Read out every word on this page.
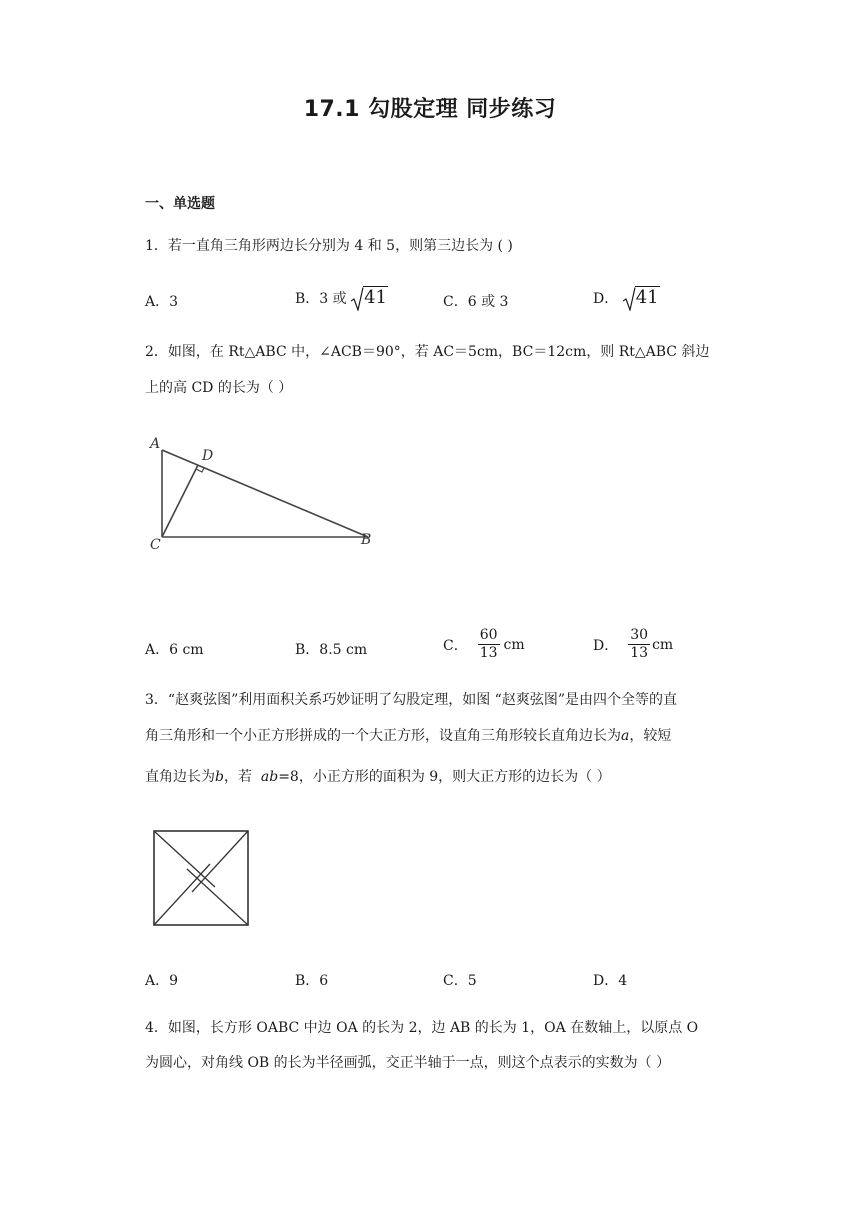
17.1 勾股定理 同步练习
一、单选题
1．若一直角三角形两边长分别为 4 和 5，则第三边长为 ( )
A．3	B．3 或 41	C．6 或 3	D． 41
2．如图，在 Rt△ABC 中，∠ACB＝90°，若 AC＝5cm，BC＝12cm，则 Rt△ABC 斜边
上的高 CD 的长为（ ）
A
D
C	B
A．6 cm	B．8.5 cm	C． $\frac{60}{13}$ cm	D． $\frac{30}{13}$ cm
3．“赵爽弦图”利用面积关系巧妙证明了勾股定理，如图 “赵爽弦图”是由四个全等的直
角三角形和一个小正方形拼成的一个大正方形，设直角三角形较长直角边长为a，较短
直角边长为b，若 ab=8，小正方形的面积为 9，则大正方形的边长为（ ）
A．9	B．6	C．5	D．4
4．如图，长方形 OABC 中边 OA 的长为 2，边 AB 的长为 1，OA 在数轴上，以原点 O
为圆心，对角线 OB 的长为半径画弧，交正半轴于一点，则这个点表示的实数为（ ）
